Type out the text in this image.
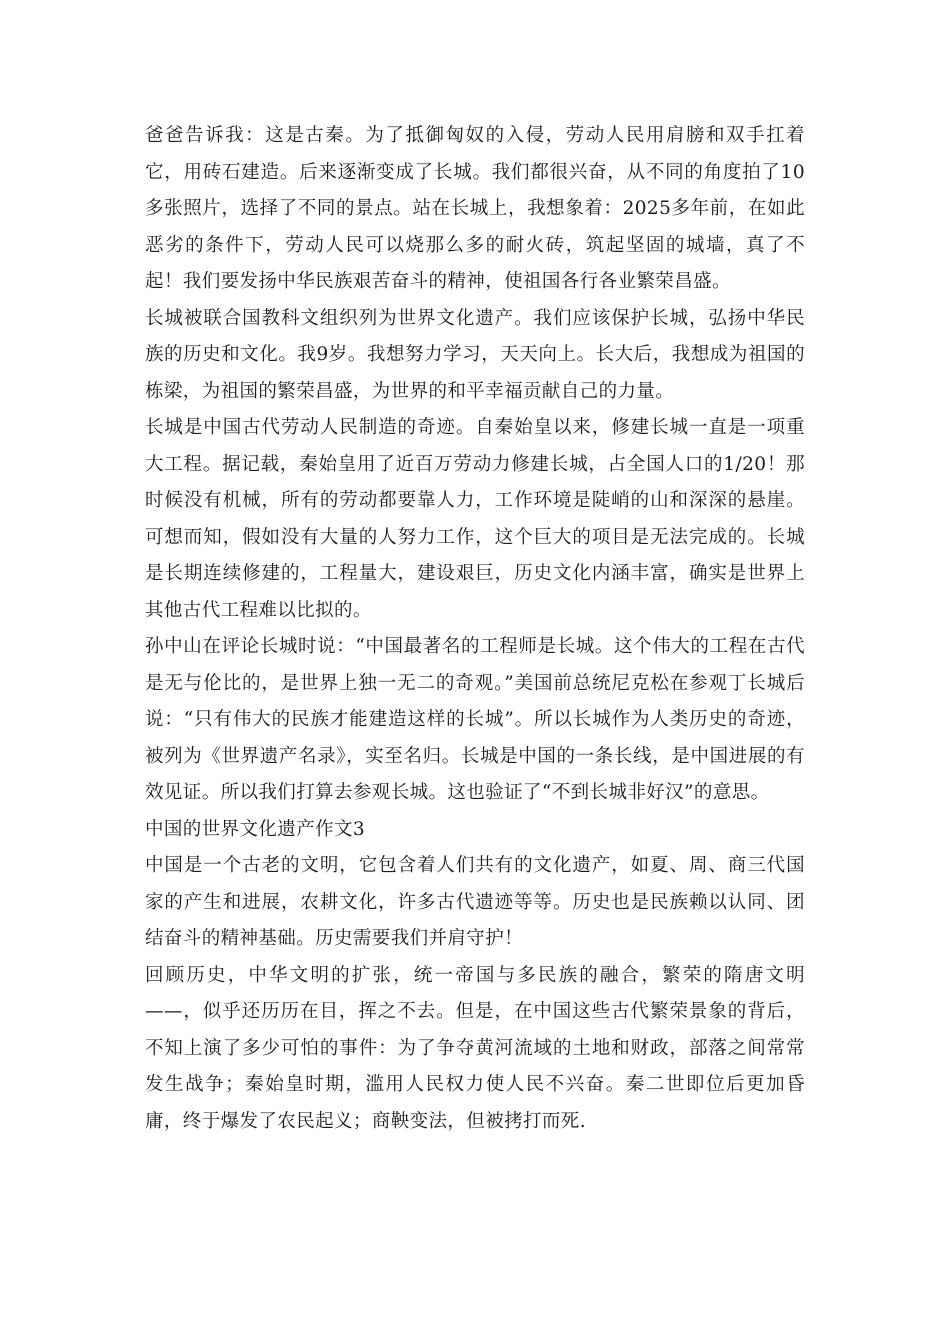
爸爸告诉我：这是古秦。为了抵御匈奴的入侵，劳动人民用肩膀和双手扛着它，用砖石建造。后来逐渐变成了长城。我们都很兴奋，从不同的角度拍了10多张照片，选择了不同的景点。站在长城上，我想象着：2025多年前，在如此恶劣的条件下，劳动人民可以烧那么多的耐火砖，筑起坚固的城墙，真了不起！我们要发扬中华民族艰苦奋斗的精神，使祖国各行各业繁荣昌盛。

长城被联合国教科文组织列为世界文化遗产。我们应该保护长城，弘扬中华民族的历史和文化。我9岁。我想努力学习，天天向上。长大后，我想成为祖国的栋梁，为祖国的繁荣昌盛，为世界的和平幸福贡献自己的力量。

长城是中国古代劳动人民制造的奇迹。自秦始皇以来，修建长城一直是一项重大工程。据记载，秦始皇用了近百万劳动力修建长城，占全国人口的1/20！那时候没有机械，所有的劳动都要靠人力，工作环境是陡峭的山和深深的悬崖。可想而知，假如没有大量的人努力工作，这个巨大的项目是无法完成的。长城是长期连续修建的，工程量大，建设艰巨，历史文化内涵丰富，确实是世界上其他古代工程难以比拟的。

孙中山在评论长城时说：“中国最著名的工程师是长城。这个伟大的工程在古代是无与伦比的，是世界上独一无二的奇观。”美国前总统尼克松在参观丁长城后说：“只有伟大的民族才能建造这样的长城”。所以长城作为人类历史的奇迹，被列为《世界遗产名录》，实至名归。长城是中国的一条长线，是中国进展的有效见证。所以我们打算去参观长城。这也验证了“不到长城非好汉”的意思。

中国的世界文化遗产作文3

中国是一个古老的文明，它包含着人们共有的文化遗产，如夏、周、商三代国家的产生和进展，农耕文化，许多古代遗迹等等。历史也是民族赖以认同、团结奋斗的精神基础。历史需要我们并肩守护！

回顾历史，中华文明的扩张，统一帝国与多民族的融合，繁荣的隋唐文明——，似乎还历历在目，挥之不去。但是，在中国这些古代繁荣景象的背后，不知上演了多少可怕的事件：为了争夺黄河流域的土地和财政，部落之间常常发生战争；秦始皇时期，滥用人民权力使人民不兴奋。秦二世即位后更加昏庸，终于爆发了农民起义；商鞅变法，但被拷打而死.
